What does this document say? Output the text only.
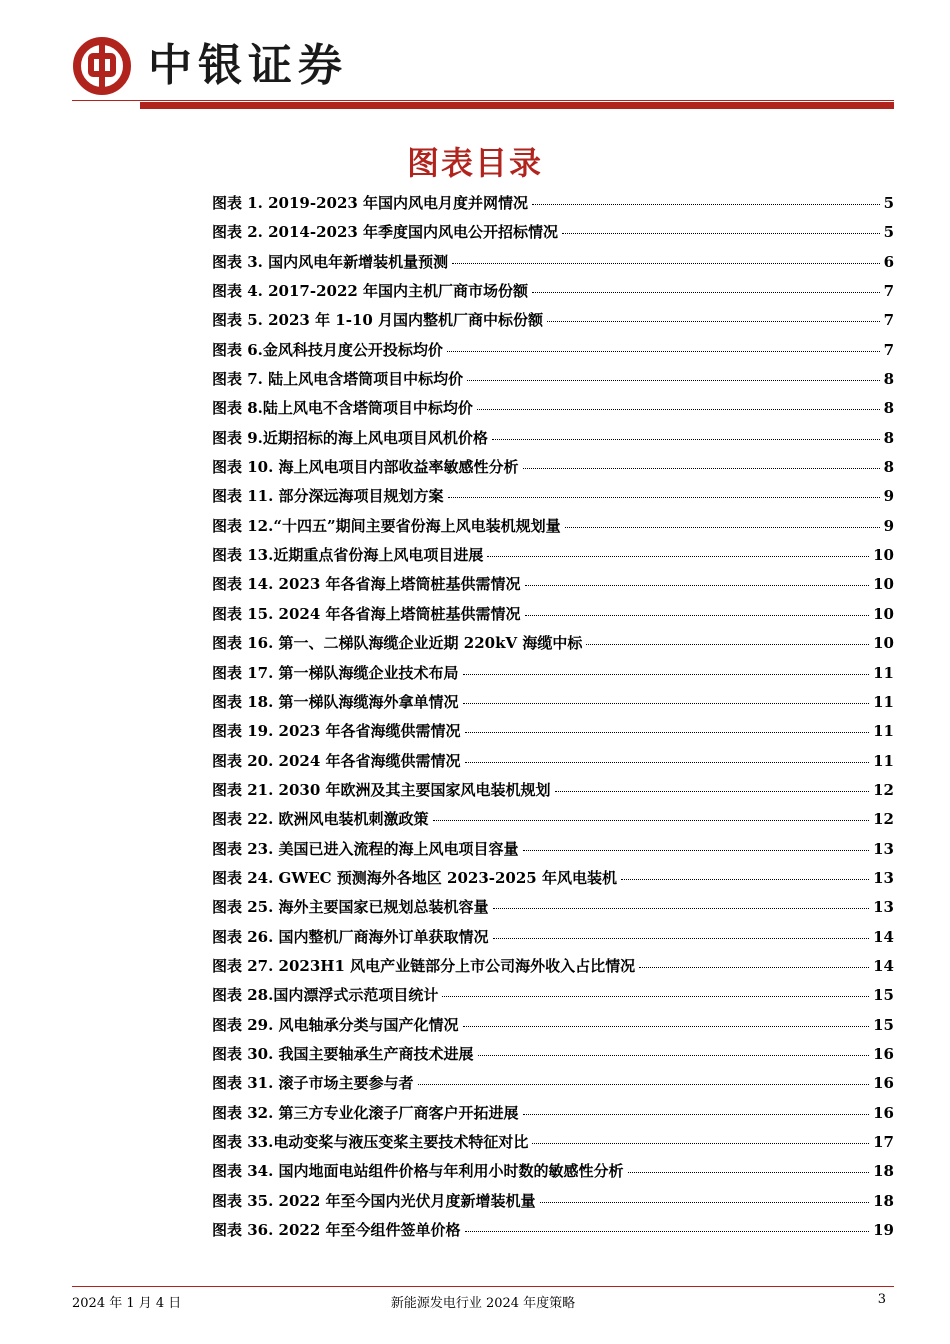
中银证券
图表目录
图表 1. 2019-2023 年国内风电月度并网情况	5
图表 2. 2014-2023 年季度国内风电公开招标情况	5
图表 3. 国内风电年新增装机量预测	6
图表 4. 2017-2022 年国内主机厂商市场份额	7
图表 5. 2023 年 1-10 月国内整机厂商中标份额	7
图表 6.金风科技月度公开投标均价	7
图表 7. 陆上风电含塔筒项目中标均价	8
图表 8.陆上风电不含塔筒项目中标均价	8
图表 9.近期招标的海上风电项目风机价格	8
图表 10. 海上风电项目内部收益率敏感性分析	8
图表 11. 部分深远海项目规划方案	9
图表 12.“十四五”期间主要省份海上风电装机规划量	9
图表 13.近期重点省份海上风电项目进展	10
图表 14. 2023 年各省海上塔筒桩基供需情况	10
图表 15. 2024 年各省海上塔筒桩基供需情况	10
图表 16. 第一、二梯队海缆企业近期 220kV 海缆中标	10
图表 17. 第一梯队海缆企业技术布局	11
图表 18. 第一梯队海缆海外拿单情况	11
图表 19. 2023 年各省海缆供需情况	11
图表 20. 2024 年各省海缆供需情况	11
图表 21. 2030 年欧洲及其主要国家风电装机规划	12
图表 22. 欧洲风电装机刺激政策	12
图表 23. 美国已进入流程的海上风电项目容量	13
图表 24. GWEC 预测海外各地区 2023-2025 年风电装机	13
图表 25. 海外主要国家已规划总装机容量	13
图表 26. 国内整机厂商海外订单获取情况	14
图表 27. 2023H1 风电产业链部分上市公司海外收入占比情况	14
图表 28.国内漂浮式示范项目统计	15
图表 29. 风电轴承分类与国产化情况	15
图表 30. 我国主要轴承生产商技术进展	16
图表 31. 滚子市场主要参与者	16
图表 32. 第三方专业化滚子厂商客户开拓进展	16
图表 33.电动变桨与液压变桨主要技术特征对比	17
图表 34. 国内地面电站组件价格与年利用小时数的敏感性分析	18
图表 35. 2022 年至今国内光伏月度新增装机量	18
图表 36. 2022 年至今组件签单价格	19
2024 年 1 月 4 日	新能源发电行业 2024 年度策略	3
